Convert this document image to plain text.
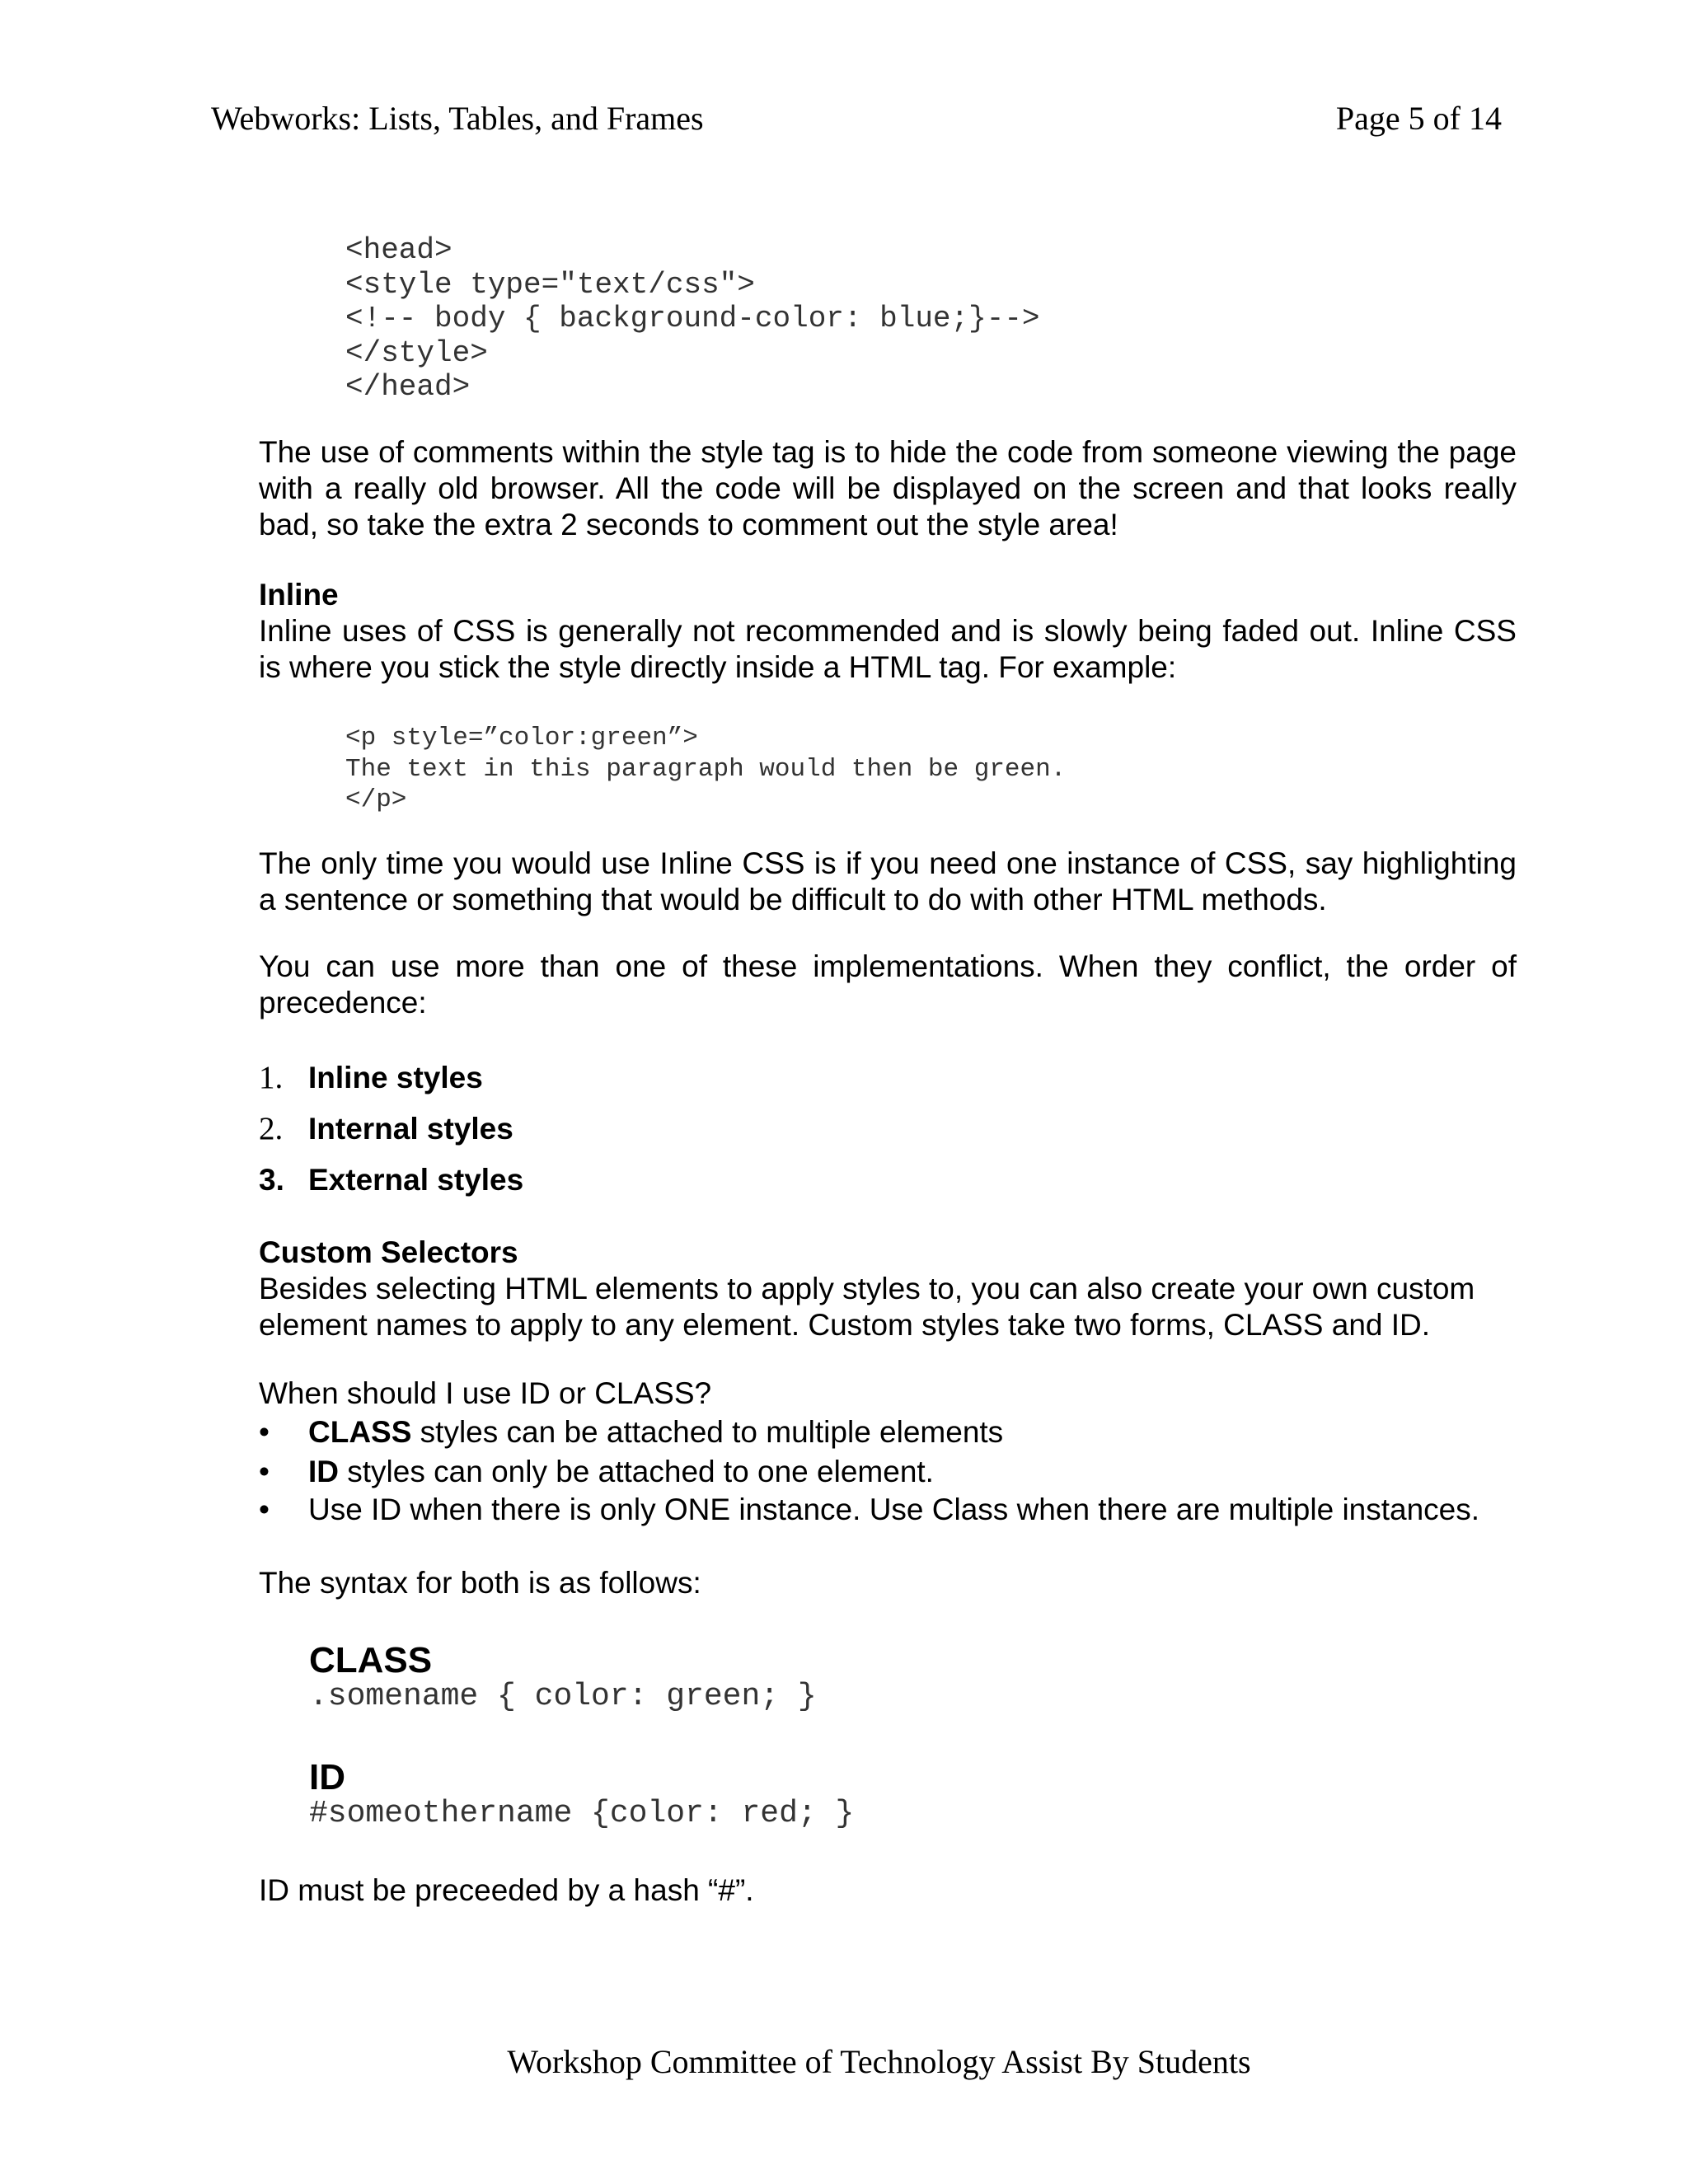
Webworks: Lists, Tables, and Frames	Page 5 of 14
<head>
<style type="text/css">
<!-- body { background-color: blue;}-->
</style>
</head>

The use of comments within the style tag is to hide the code from someone viewing the page with a really old browser. All the code will be displayed on the screen and that looks really bad, so take the extra 2 seconds to comment out the style area!

Inline
Inline uses of CSS is generally not recommended and is slowly being faded out. Inline CSS is where you stick the style directly inside a HTML tag. For example:
<p style=”color:green”>
The text in this paragraph would then be green.
</p>

The only time you would use Inline CSS is if you need one instance of CSS, say highlighting a sentence or something that would be difficult to do with other HTML methods.

You can use more than one of these implementations. When they conflict, the order of precedence:

1. Inline styles
2. Internal styles
3. External styles
Custom Selectors
Besides selecting HTML elements to apply styles to, you can also create your own custom element names to apply to any element. Custom styles take two forms, CLASS and ID.

When should I use ID or CLASS?

• CLASS styles can be attached to multiple elements
• ID styles can only be attached to one element.
• Use ID when there is only ONE instance. Use Class when there are multiple instances.

The syntax for both is as follows:

CLASS
.somename { color: green; }
ID
#someothername {color: red; }

ID must be preceeded by a hash “#”.

Workshop Committee of Technology Assist By Students
